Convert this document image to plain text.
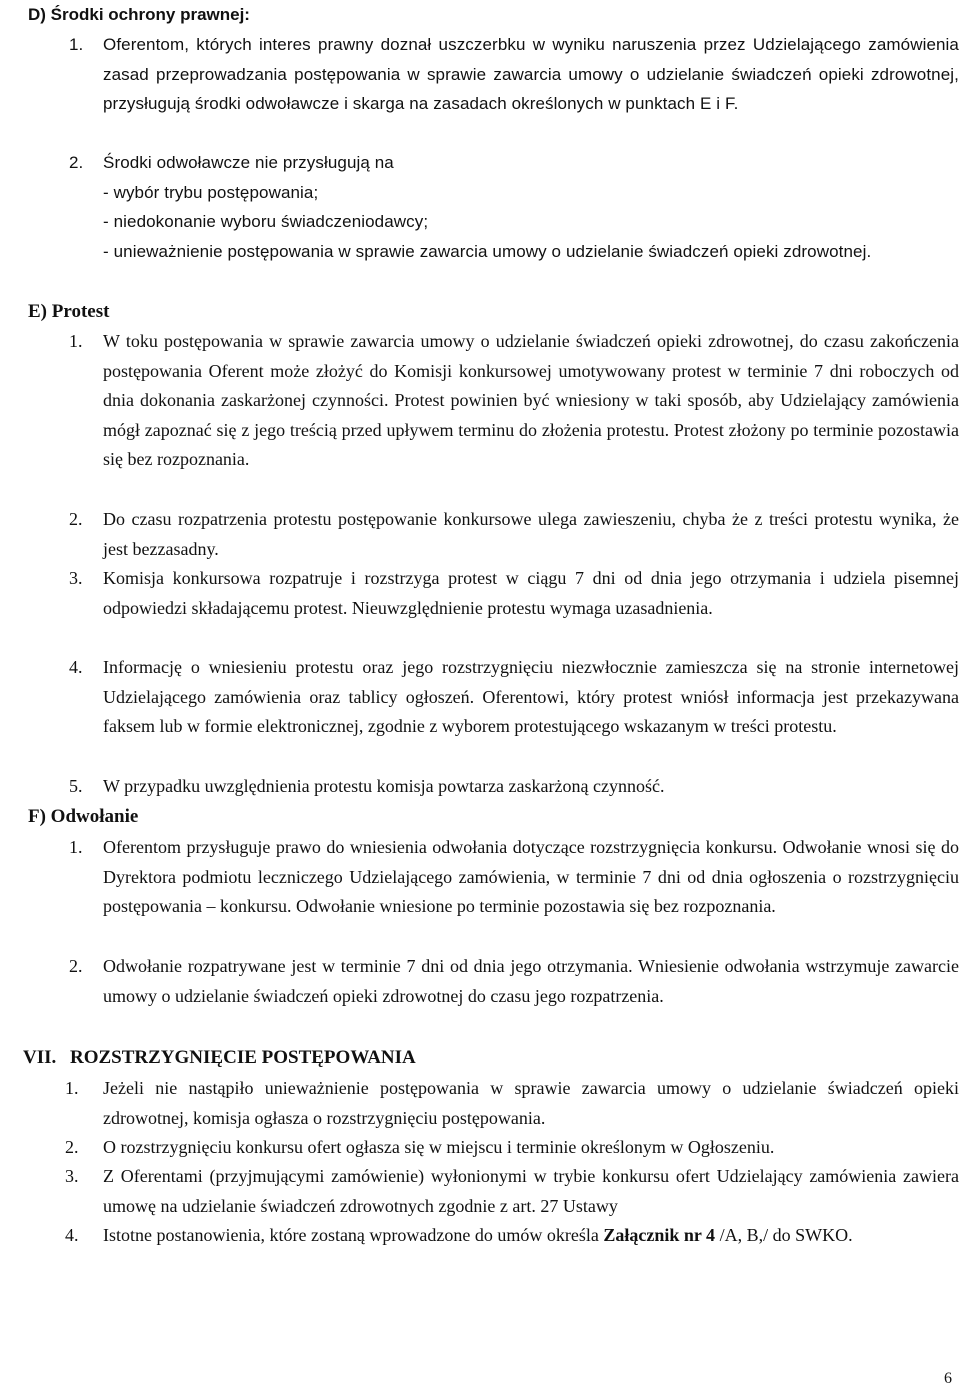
D) Środki ochrony prawnej:
1. Oferentom, których interes prawny doznał uszczerbku w wyniku naruszenia przez Udzielającego zamówienia zasad przeprowadzania postępowania w sprawie zawarcia umowy o udzielanie świadczeń opieki zdrowotnej, przysługują środki odwoławcze i skarga na zasadach określonych w punktach E i F.
2. Środki odwoławcze nie przysługują na
- wybór trybu postępowania;
- niedokonanie wyboru świadczeniodawcy;
- unieważnienie postępowania w sprawie zawarcia umowy o udzielanie świadczeń opieki zdrowotnej.
E) Protest
1. W toku postępowania w sprawie zawarcia umowy o udzielanie świadczeń opieki zdrowotnej, do czasu zakończenia postępowania Oferent może złożyć do Komisji konkursowej umotywowany protest w terminie 7 dni roboczych od dnia dokonania zaskarżonej czynności. Protest powinien być wniesiony w taki sposób, aby Udzielający zamówienia mógł zapoznać się z jego treścią przed upływem terminu do złożenia protestu. Protest złożony po terminie pozostawia się bez rozpoznania.
2. Do czasu rozpatrzenia protestu postępowanie konkursowe ulega zawieszeniu, chyba że z treści protestu wynika, że jest bezzasadny.
3. Komisja konkursowa rozpatruje i rozstrzyga protest w ciągu 7 dni od dnia jego otrzymania i udziela pisemnej odpowiedzi składającemu protest. Nieuwzględnienie protestu wymaga uzasadnienia.
4. Informację o wniesieniu protestu oraz jego rozstrzygnięciu niezwłocznie zamieszcza się na stronie internetowej Udzielającego zamówienia oraz tablicy ogłoszeń. Oferentowi, który protest wniósł informacja jest przekazywana faksem lub w formie elektronicznej, zgodnie z wyborem protestującego wskazanym w treści protestu.
5. W przypadku uwzględnienia protestu komisja powtarza zaskarżoną czynność.
F) Odwołanie
1. Oferentom przysługuje prawo do wniesienia odwołania dotyczące rozstrzygnięcia konkursu. Odwołanie wnosi się do Dyrektora podmiotu leczniczego Udzielającego zamówienia, w terminie 7 dni od dnia ogłoszenia o rozstrzygnięciu postępowania – konkursu. Odwołanie wniesione po terminie pozostawia się bez rozpoznania.
2. Odwołanie rozpatrywane jest w terminie 7 dni od dnia jego otrzymania. Wniesienie odwołania wstrzymuje zawarcie umowy o udzielanie świadczeń opieki zdrowotnej do czasu jego rozpatrzenia.
VII. ROZSTRZYGNIĘCIE POSTĘPOWANIA
1. Jeżeli nie nastąpiło unieważnienie postępowania w sprawie zawarcia umowy o udzielanie świadczeń opieki zdrowotnej, komisja ogłasza o rozstrzygnięciu postępowania.
2. O rozstrzygnięciu konkursu ofert ogłasza się w miejscu i terminie określonym w Ogłoszeniu.
3. Z Oferentami (przyjmującymi zamówienie) wyłonionymi w trybie konkursu ofert Udzielający zamówienia zawiera umowę na udzielanie świadczeń zdrowotnych zgodnie z art. 27 Ustawy
4. Istotne postanowienia, które zostaną wprowadzone do umów określa Załącznik nr 4 /A, B,/ do SWKO.
6
